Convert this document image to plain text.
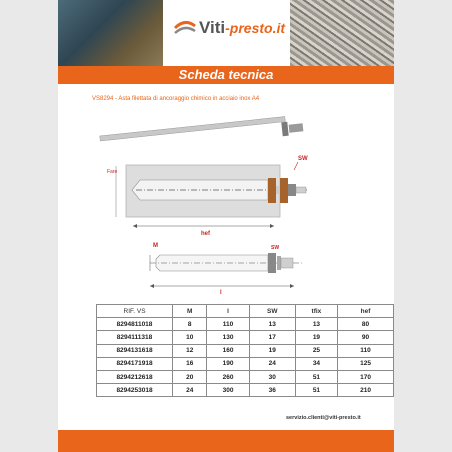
Viti-presto.it
Scheda tecnica
VS8294 - Asta filettata di ancoraggio chimico in acciaio inox A4
Fare
SW
hef
M	SW
l
RIF. VS	M	l	SW	tfix	hef
8294811018	8	110	13	13	80
8294111318	10	130	17	19	90
8294131618	12	160	19	25	110
8294171918	16	190	24	34	125
8294212618	20	260	30	51	170
8294253018	24	300	36	51	210
servizio.clienti@viti-presto.it
